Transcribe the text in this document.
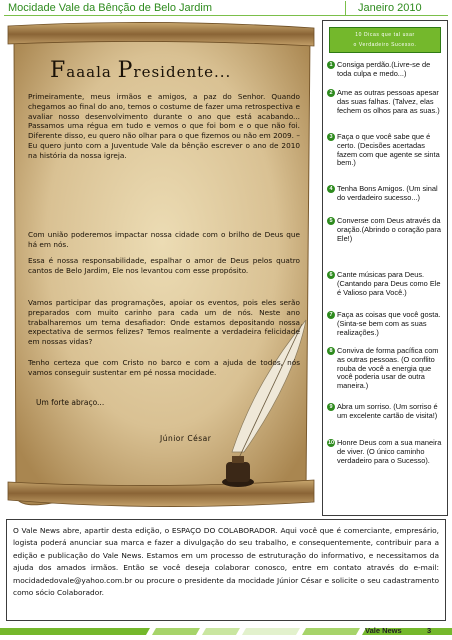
Mocidade Vale da Bênção de Belo Jardim	Janeiro 2010
Faaala Presidente...
Primeiramente, meus irmãos e amigos, a paz do Senhor. Quando chegamos ao final do ano, temos o costume de fazer uma retrospectiva e avaliar nosso desenvolvimento durante o ano que está acabando... Passamos uma régua em tudo e vemos o que foi bom e o que não foi. Diferente disso, eu quero não olhar para o que fizemos ou não em 2009. – Eu quero junto com a Juventude Vale da bênção escrever o ano de 2010 na história da nossa igreja.
Com união poderemos impactar nossa cidade com o brilho de Deus que há em nós.
Essa é nossa responsabilidade, espalhar o amor de Deus pelos quatro cantos de Belo Jardim, Ele nos levantou com esse propósito.
Vamos participar das programações, apoiar os eventos, pois eles serão preparados com muito carinho para cada um de nós. Neste ano trabalharemos um tema desafiador: Onde estamos depositando nossa expectativa de sermos felizes? Temos realmente a verdadeira felicidade em nossas vidas?
Tenho certeza que com Cristo no barco e com a ajuda de todos, nós vamos conseguir sustentar em pé nossa mocidade.
Um forte abraço...
Júnior César
10 Dicas que tal usar
o Verdadeiro Sucesso.
1 Consiga perdão.(Livre-se de toda culpa e medo...)
2 Ame as outras pessoas apesar das suas falhas. (Talvez, elas fechem os olhos para as suas.)
3 Faça o que você sabe que é certo. (Decisões acertadas fazem com que agente se sinta bem.)
4 Tenha Bons Amigos. (Um sinal do verdadeiro sucesso...)
5 Converse com Deus através da oração.(Abrindo o coração para Ele!)
6 Cante músicas para Deus. (Cantando para Deus como Ele é Valioso para Você.)
7 Faça as coisas que você gosta.(Sinta-se bem com as suas realizações.)
8 Conviva de forma pacífica com as outras pessoas. (O conflito rouba de você a energia que você poderia usar de outra maneira.)
9 Abra um sorriso. (Um sorriso é um excelente cartão de visita!)
10 Honre Deus com a sua maneira de viver. (O único caminho verdadeiro para o Sucesso).

O Vale News abre, apartir desta edição, o ESPAÇO DO COLABORADOR. Aqui você que é comerciante, empresário, logista poderá anunciar sua marca e fazer a divulgação do seu trabalho, e consequentemente, contribuir para a edição e publicação do Vale News. Estamos em um processo de estruturação do informativo, e necessitamos da ajuda dos amados irmãos. Então se você deseja colaborar conosco, entre em contato através do e-mail: mocidadedovale@yahoo.com.br ou procure o presidente da mocidade Júnior César e solicite o seu cadastramento como sócio Colaborador.

Vale News	3
